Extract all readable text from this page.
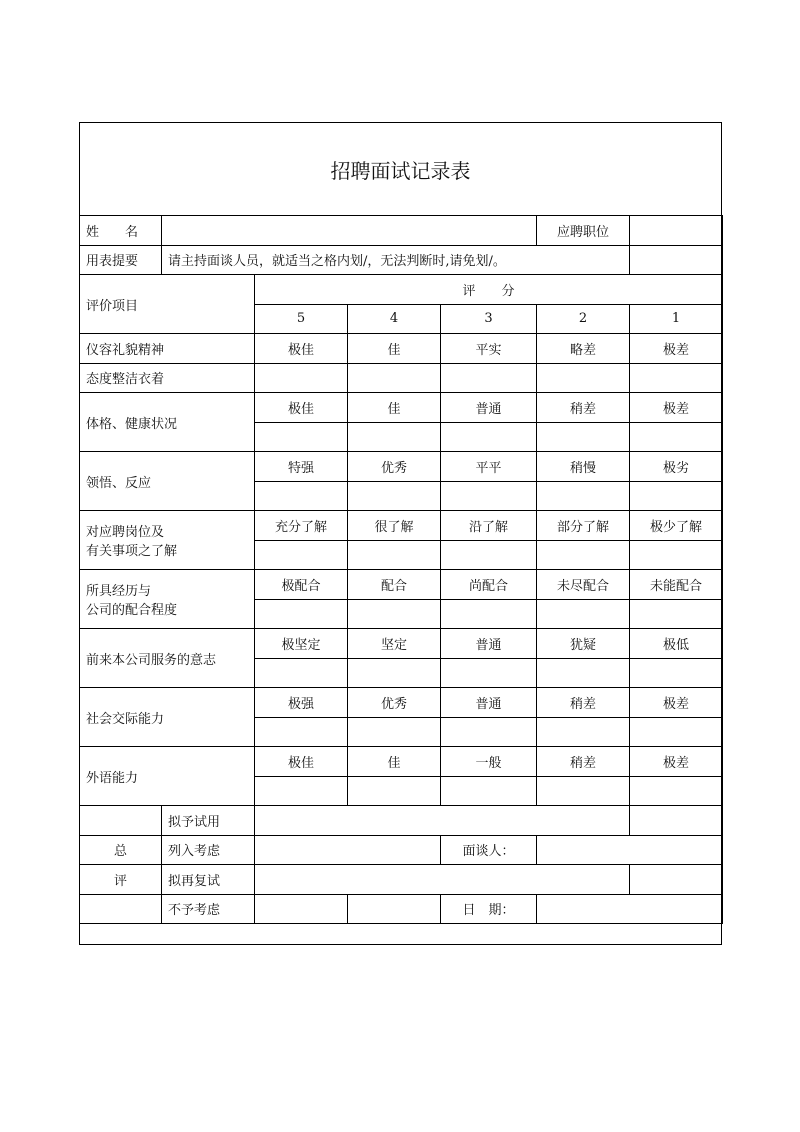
招聘面试记录表
姓　　名					应聘职位	
用表提要	请主持面谈人员，就适当之格内划/，无法判断时,请免划/。					
评价项目		评　　分				
		5	4	3	2	1
仪容礼貌精神		极佳	佳	平实	略差	极差
态度整洁衣着						
体格、健康状况		极佳	佳	普通	稍差	极差

领悟、反应		特强	优秀	平平	稍慢	极劣

对应聘岗位及
有关事项之了解		充分了解	很了解	沿了解	部分了解	极少了解

所具经历与
公司的配合程度		极配合	配合	尚配合	未尽配合	未能配合

前来本公司服务的意志		极坚定	坚定	普通	犹疑	极低

社会交际能力		极强	优秀	普通	稍差	极差

外语能力		极佳	佳	一般	稍差	极差

	拟予试用					
总	列入考虑			面谈人：		
评	拟再复试					
	不予考虑			日　期：		
